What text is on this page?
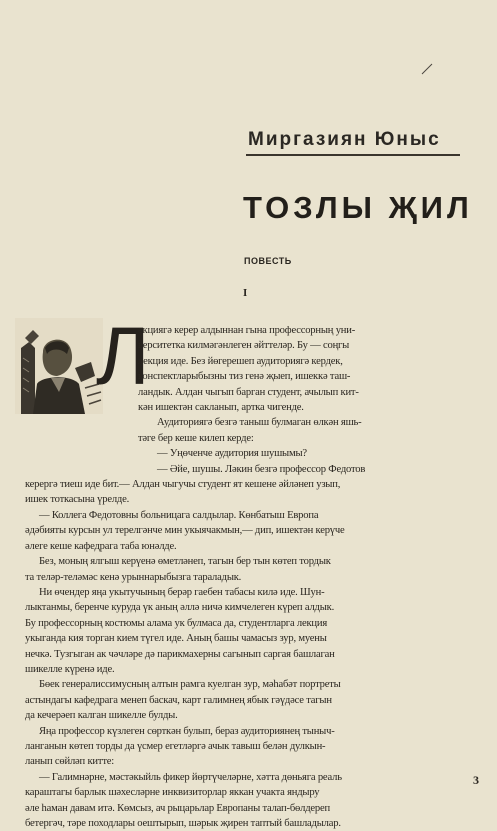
Миргазиян Юныс
ТОЗЛЫ ҖИЛ
ПОВЕСТЬ
I
Л
екциягә керер алдыннан гына профессорның уни-
верситетка килмәгәнлеген әйттеләр. Бу — соңгы
лекция иде. Без йөгерешеп аудиториягә кердек,
конспектларыбызны тиз генә җыеп, ишеккә таш-
ландык. Алдан чыгып барган студент, ачылып кит-
кән ишектән сакланып, артка чигенде.
Аудиториягә безгә таныш булмаган өлкән яшь-
тәге бер кеше килеп керде:
— Уңөченче аудитория шушымы?
— Әйе, шушы. Ләкин безгә профессор Федотов
керергә тиеш иде бит.— Алдан чыгучы студент ят кешене әйләнеп узып,
ишек тоткасына үрелде.
— Коллега Федотовны больницага салдылар. Көнбатыш Европа
әдәбияты курсын ул терелгәнче мин укыячакмын,— дип, ишектән керүче
әлеге кеше кафедрага таба юнәлде.
Без, моның ялгыш керүенә өметләнеп, тагын бер тын көтеп тордык
та теләр-теләмәс кенә урыннарыбызга тараладык.
Ни өчендер яңа укытучының берәр гаебен табасы килә иде. Шун-
лыктанмы, беренче куруда үк аның әллә ничә кимчелеген күреп алдык.
Бу профессорның костюмы алама ук булмаса да, студентларга лекция
укыганда кия торган кием түгел иде. Аның башы чамасыз зур, муены
нечкә. Тузгыган ак чәчләре дә парикмахерны сагынып саргая башлаган
шикелле күренә иде.
Бөек генералиссимусның алтын рамга куелган зур, мәһабәт портреты
астындагы кафедрага менеп баскач, карт галимнең ябык гәүдәсе тагын
да кечерәеп калган шикелле булды.
Яңа профессор күзлеген сөрткән булып, бераз аудиториянең тыныч-
ланганын көтеп торды да үсмер егетләргә ачык тавыш белән дулкын-
ланып сөйләп китте:
— Галимнәрне, мәстәкыйль фикер йөртүчеләрне, хәтта дөньяга реаль
караштагы барлык шәхесләрне инквизиторлар яккан учакта яндыру
әле һаман давам итә. Көмсыз, ач рыцарьлар Европаны талап-бөлдереп
бетергәч, тәре походлары оештырып, шәрык җирен таптый башладылар.
3
